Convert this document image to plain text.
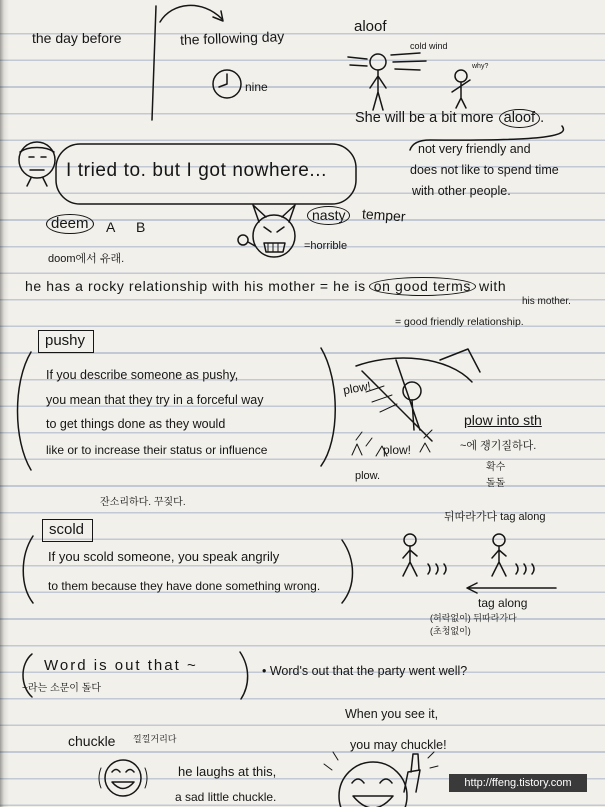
the day before	the following day
nine
aloof
cold wind
why?
She will be a bit more aloof .
not very friendly and
does not like to spend time
with other people.
I tried to. but I got nowhere...
deem	A B
doom에서 유래.
nasty	temper
=horrible
he has a rocky relationship with his mother = he is on good terms with
his mother.
= good friendly relationship.
pushy
If you describe someone as pushy,
you mean that they try in a forceful way
to get things done as they would
like or to increase their status or influence
plow!
plow!
plow.
plow into sth
~에 쟁기질하다.
확수
돌돌
잔소리하다. 꾸짖다.
scold
If you scold someone, you speak angrily
to them because they have done something wrong.
뒤따라가다 tag along
tag along
(허락없이) 뒤따라가다
(초청없이)
Word is out that ~
~라는 소문이 돌다
• Word's out that the party went well?
chuckle 낄낄거리다
he laughs at this,
a sad little chuckle.
When you see it,
you may chuckle!
http://ffeng.tistory.com
